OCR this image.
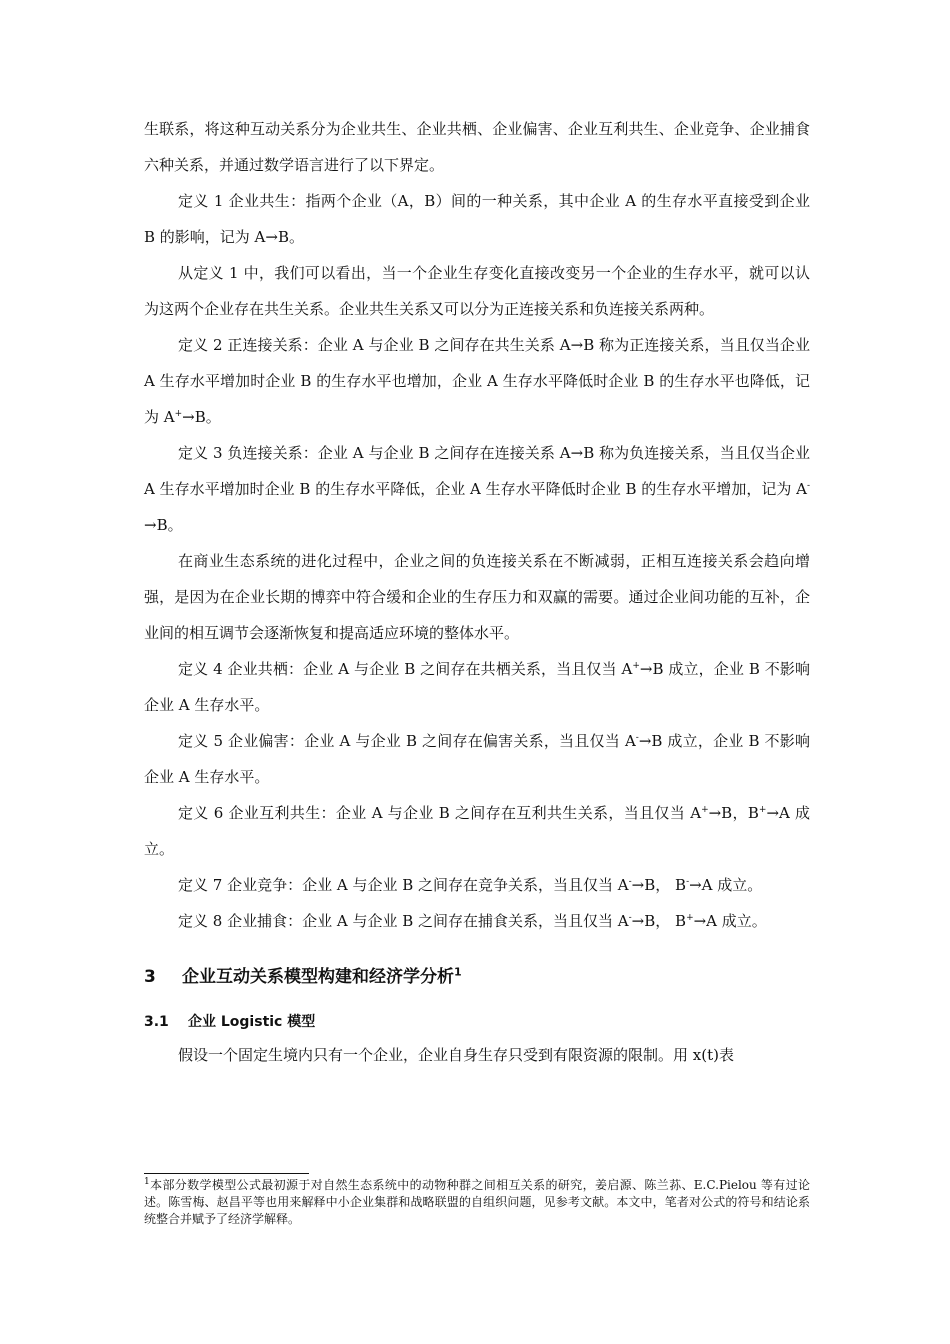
生联系，将这种互动关系分为企业共生、企业共栖、企业偏害、企业互利共生、企业竞争、企业捕食六种关系，并通过数学语言进行了以下界定。
定义 1 企业共生：指两个企业（A，B）间的一种关系，其中企业 A 的生存水平直接受到企业 B 的影响，记为 A→B。
从定义 1 中，我们可以看出，当一个企业生存变化直接改变另一个企业的生存水平，就可以认为这两个企业存在共生关系。企业共生关系又可以分为正连接关系和负连接关系两种。
定义 2 正连接关系：企业 A 与企业 B 之间存在共生关系 A→B 称为正连接关系，当且仅当企业 A 生存水平增加时企业 B 的生存水平也增加，企业 A 生存水平降低时企业 B 的生存水平也降低，记为 A+→B。
定义 3 负连接关系：企业 A 与企业 B 之间存在连接关系 A→B 称为负连接关系，当且仅当企业 A 生存水平增加时企业 B 的生存水平降低，企业 A 生存水平降低时企业 B 的生存水平增加，记为 A-→B。
在商业生态系统的进化过程中，企业之间的负连接关系在不断减弱，正相互连接关系会趋向增强，是因为在企业长期的博弈中符合缓和企业的生存压力和双赢的需要。通过企业间功能的互补，企业间的相互调节会逐渐恢复和提高适应环境的整体水平。
定义 4 企业共栖：企业 A 与企业 B 之间存在共栖关系，当且仅当 A+→B 成立，企业 B 不影响企业 A 生存水平。
定义 5 企业偏害：企业 A 与企业 B 之间存在偏害关系，当且仅当 A-→B 成立，企业 B 不影响企业 A 生存水平。
定义 6 企业互利共生：企业 A 与企业 B 之间存在互利共生关系，当且仅当 A+→B，B+→A 成立。
定义 7 企业竞争：企业 A 与企业 B 之间存在竞争关系，当且仅当 A-→B， B-→A 成立。
定义 8 企业捕食：企业 A 与企业 B 之间存在捕食关系，当且仅当 A-→B， B+→A 成立。
3 企业互动关系模型构建和经济学分析$^1$
3.1 企业 Logistic 模型
假设一个固定生境内只有一个企业，企业自身生存只受到有限资源的限制。用 x(t)表
$^1$本部分数学模型公式最初源于对自然生态系统中的动物种群之间相互关系的研究，姜启源、陈兰荪、E.C.Pielou 等有过论述。陈雪梅、赵昌平等也用来解释中小企业集群和战略联盟的自组织问题，见参考文献。本文中，笔者对公式的符号和结论系统整合并赋予了经济学解释。
